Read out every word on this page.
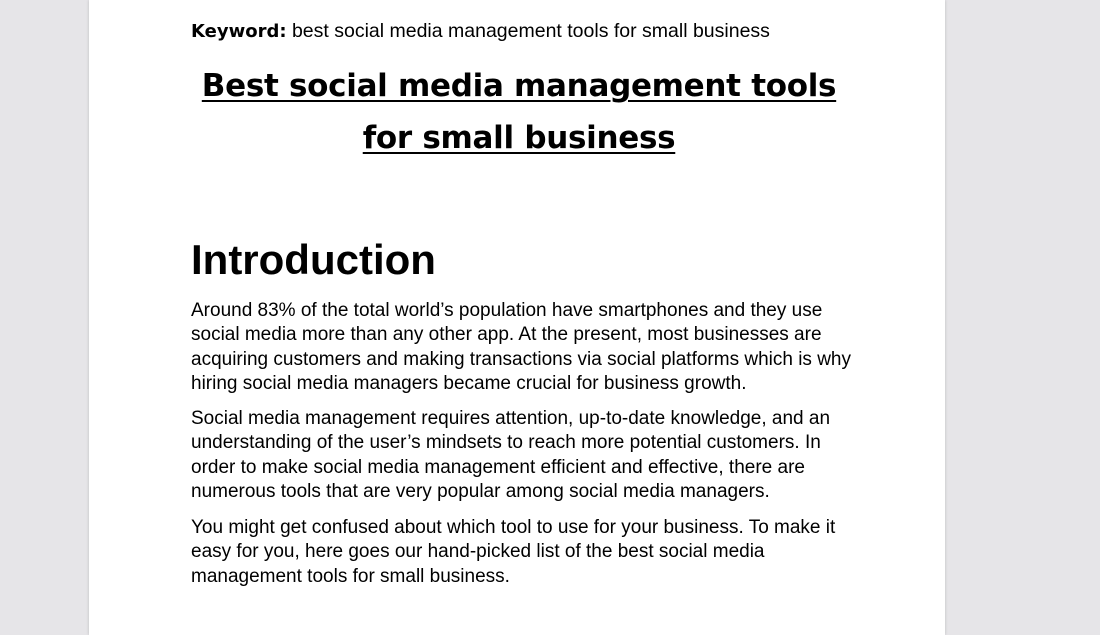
Keyword: best social media management tools for small business
Best social media management tools for small business
Introduction

Around 83% of the total world’s population have smartphones and they use social media more than any other app. At the present, most businesses are acquiring customers and making transactions via social platforms which is why hiring social media managers became crucial for business growth.

Social media management requires attention, up-to-date knowledge, and an understanding of the user’s mindsets to reach more potential customers. In order to make social media management efficient and effective, there are numerous tools that are very popular among social media managers.

You might get confused about which tool to use for your business. To make it easy for you, here goes our hand-picked list of the best social media management tools for small business.
